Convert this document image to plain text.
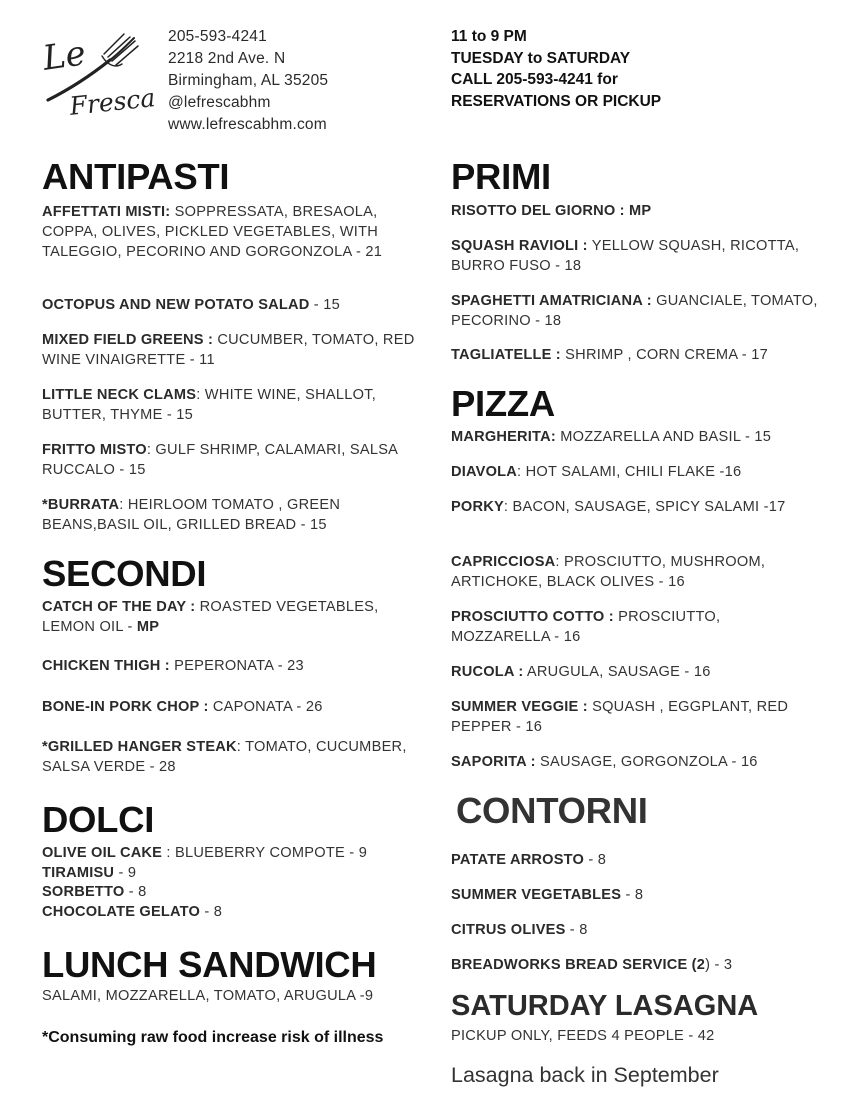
Le
Fresca
205-593-4241
2218 2nd Ave. N
Birmingham, AL 35205
@lefrescabhm
www.lefrescabhm.com
11 to 9 PM
TUESDAY to SATURDAY
CALL 205-593-4241 for
RESERVATIONS OR PICKUP
ANTIPASTI
AFFETTATI MISTI: SOPPRESSATA, BRESAOLA, COPPA, OLIVES, PICKLED VEGETABLES, WITH TALEGGIO, PECORINO AND GORGONZOLA - 21
OCTOPUS AND NEW POTATO SALAD - 15
MIXED FIELD GREENS : CUCUMBER, TOMATO, RED WINE VINAIGRETTE - 11
LITTLE NECK CLAMS: WHITE WINE, SHALLOT, BUTTER, THYME - 15
FRITTO MISTO: GULF SHRIMP, CALAMARI, SALSA RUCCALO - 15
*BURRATA: HEIRLOOM TOMATO , GREEN BEANS,BASIL OIL, GRILLED BREAD - 15
SECONDI
CATCH OF THE DAY : ROASTED VEGETABLES, LEMON OIL - MP
CHICKEN THIGH : PEPERONATA - 23
BONE-IN PORK CHOP : CAPONATA - 26
*GRILLED HANGER STEAK: TOMATO, CUCUMBER, SALSA VERDE - 28
DOLCI
OLIVE OIL CAKE : BLUEBERRY COMPOTE - 9
TIRAMISU - 9
SORBETTO - 8
CHOCOLATE GELATO - 8
LUNCH SANDWICH
SALAMI, MOZZARELLA, TOMATO, ARUGULA -9
*Consuming raw food increase risk of illness
PRIMI
RISOTTO DEL GIORNO : MP
SQUASH RAVIOLI : YELLOW SQUASH, RICOTTA, BURRO FUSO - 18
SPAGHETTI AMATRICIANA : GUANCIALE, TOMATO, PECORINO - 18
TAGLIATELLE : SHRIMP , CORN CREMA - 17
PIZZA
MARGHERITA: MOZZARELLA AND BASIL - 15
DIAVOLA: HOT SALAMI, CHILI FLAKE -16
PORKY: BACON, SAUSAGE, SPICY SALAMI -17
CAPRICCIOSA: PROSCIUTTO, MUSHROOM, ARTICHOKE, BLACK OLIVES - 16
PROSCIUTTO COTTO : PROSCIUTTO, MOZZARELLA - 16
RUCOLA : ARUGULA, SAUSAGE - 16
SUMMER VEGGIE : SQUASH , EGGPLANT, RED PEPPER - 16
SAPORITA : SAUSAGE, GORGONZOLA - 16
CONTORNI
PATATE ARROSTO - 8
SUMMER VEGETABLES - 8
CITRUS OLIVES - 8
BREADWORKS BREAD SERVICE (2) - 3
SATURDAY LASAGNA
PICKUP ONLY, FEEDS 4 PEOPLE - 42
Lasagna back in September
